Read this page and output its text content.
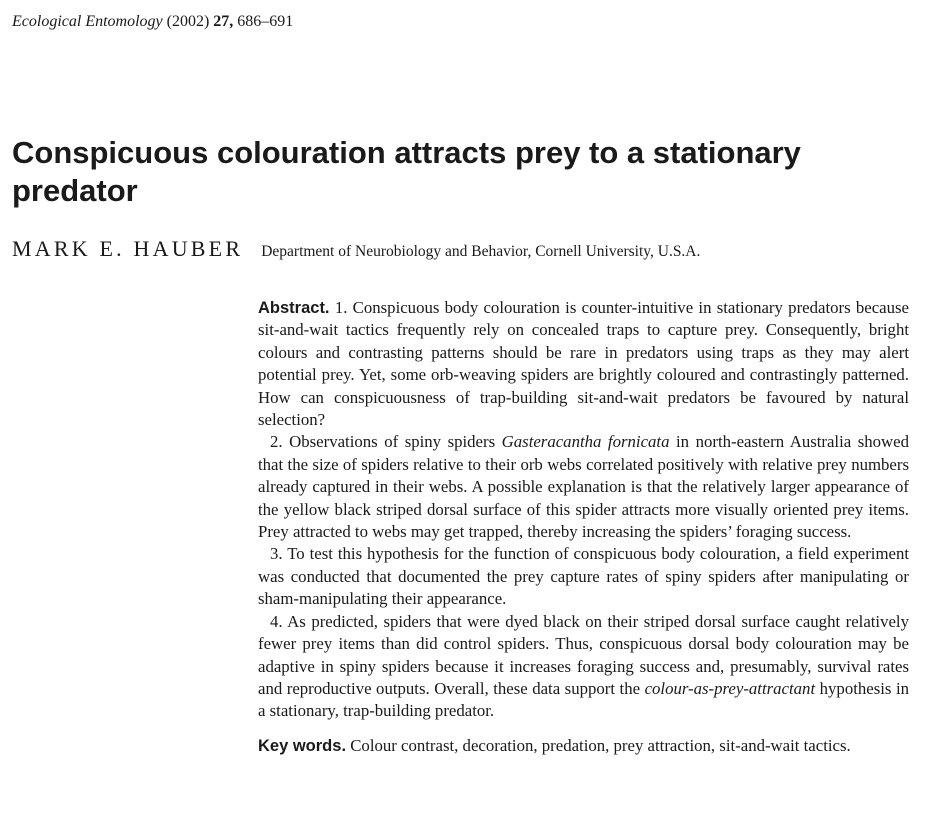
Ecological Entomology (2002) 27, 686–691
Conspicuous colouration attracts prey to a stationary predator
MARK E. HAUBER Department of Neurobiology and Behavior, Cornell University, U.S.A.

Abstract. 1. Conspicuous body colouration is counter-intuitive in stationary predators because sit-and-wait tactics frequently rely on concealed traps to capture prey. Consequently, bright colours and contrasting patterns should be rare in predators using traps as they may alert potential prey. Yet, some orb-weaving spiders are brightly coloured and contrastingly patterned. How can conspicuousness of trap-building sit-and-wait predators be favoured by natural selection?

2. Observations of spiny spiders Gasteracantha fornicata in north-eastern Australia showed that the size of spiders relative to their orb webs correlated positively with relative prey numbers already captured in their webs. A possible explanation is that the relatively larger appearance of the yellow black striped dorsal surface of this spider attracts more visually oriented prey items. Prey attracted to webs may get trapped, thereby increasing the spiders’ foraging success.

3. To test this hypothesis for the function of conspicuous body colouration, a field experiment was conducted that documented the prey capture rates of spiny spiders after manipulating or sham-manipulating their appearance.

4. As predicted, spiders that were dyed black on their striped dorsal surface caught relatively fewer prey items than did control spiders. Thus, conspicuous dorsal body colouration may be adaptive in spiny spiders because it increases foraging success and, presumably, survival rates and reproductive outputs. Overall, these data support the colour-as-prey-attractant hypothesis in a stationary, trap-building predator.

Key words. Colour contrast, decoration, predation, prey attraction, sit-and-wait tactics.
